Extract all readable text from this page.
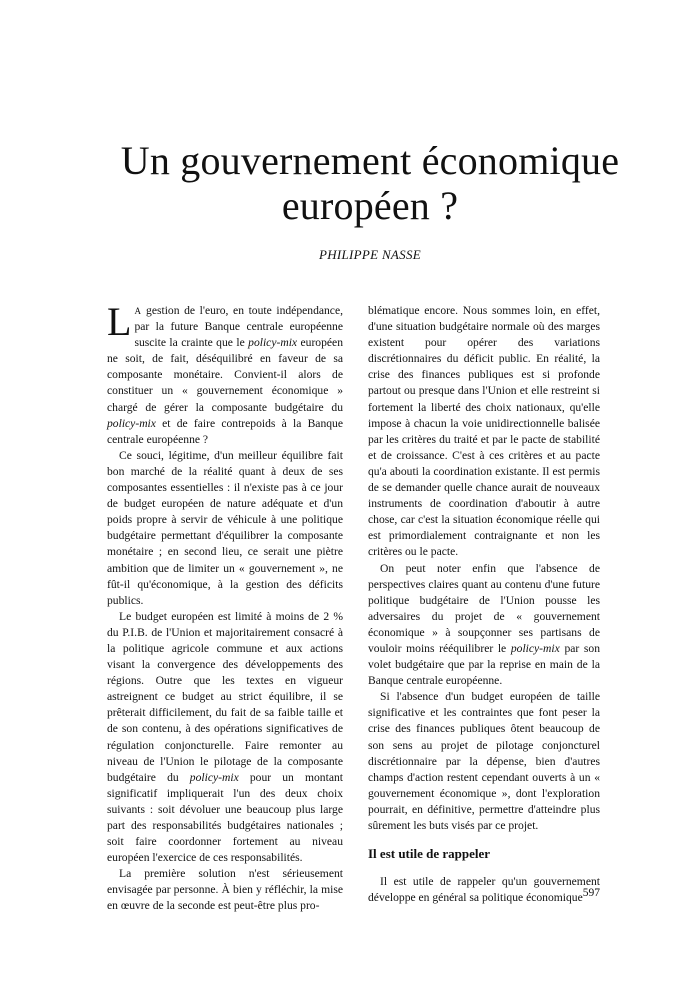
Un gouvernement économique
européen ?

PHILIPPE NASSE

L A gestion de l'euro, en toute indépendance, par la future Banque centrale européenne suscite la crainte que le policy-mix européen ne soit, de fait, déséquilibré en faveur de sa composante monétaire. Convient-il alors de constituer un « gouvernement économique » chargé de gérer la composante budgétaire du policy-mix et de faire contrepoids à la Banque centrale européenne ?

Ce souci, légitime, d'un meilleur équilibre fait bon marché de la réalité quant à deux de ses composantes essentielles : il n'existe pas à ce jour de budget européen de nature adéquate et d'un poids propre à servir de véhicule à une politique budgétaire permettant d'équilibrer la composante monétaire ; en second lieu, ce serait une piètre ambition que de limiter un « gouvernement », ne fût-il qu'économique, à la gestion des déficits publics.

Le budget européen est limité à moins de 2 % du P.I.B. de l'Union et majoritairement consacré à la politique agricole commune et aux actions visant la convergence des développements des régions. Outre que les textes en vigueur astreignent ce budget au strict équilibre, il se prêterait difficilement, du fait de sa faible taille et de son contenu, à des opérations significatives de régulation conjoncturelle. Faire remonter au niveau de l'Union le pilotage de la composante budgétaire du policy-mix pour un montant significatif impliquerait l'un des deux choix suivants : soit dévoluer une beaucoup plus large part des responsabilités budgétaires nationales ; soit faire coordonner fortement au niveau européen l'exercice de ces responsabilités.

La première solution n'est sérieusement envisagée par personne. À bien y réfléchir, la mise en œuvre de la seconde est peut-être plus pro-

blématique encore. Nous sommes loin, en effet, d'une situation budgétaire normale où des marges existent pour opérer des variations discrétionnaires du déficit public. En réalité, la crise des finances publiques est si profonde partout ou presque dans l'Union et elle restreint si fortement la liberté des choix nationaux, qu'elle impose à chacun la voie unidirectionnelle balisée par les critères du traité et par le pacte de stabilité et de croissance. C'est à ces critères et au pacte qu'a abouti la coordination existante. Il est permis de se demander quelle chance aurait de nouveaux instruments de coordination d'aboutir à autre chose, car c'est la situation économique réelle qui est primordialement contraignante et non les critères ou le pacte.

On peut noter enfin que l'absence de perspectives claires quant au contenu d'une future politique budgétaire de l'Union pousse les adversaires du projet de « gouvernement économique » à soupçonner ses partisans de vouloir moins rééquilibrer le policy-mix par son volet budgétaire que par la reprise en main de la Banque centrale européenne.

Si l'absence d'un budget européen de taille significative et les contraintes que font peser la crise des finances publiques ôtent beaucoup de son sens au projet de pilotage conjoncturel discrétionnaire par la dépense, bien d'autres champs d'action restent cependant ouverts à un « gouvernement économique », dont l'exploration pourrait, en définitive, permettre d'atteindre plus sûrement les buts visés par ce projet.

Il est utile de rappeler

Il est utile de rappeler qu'un gouvernement développe en général sa politique économique 597
